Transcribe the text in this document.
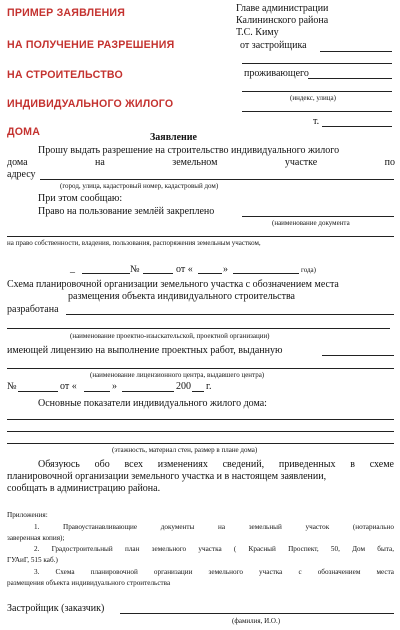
ПРИМЕР ЗАЯВЛЕНИЯ
НА ПОЛУЧЕНИЕ РАЗРЕШЕНИЯ
НА СТРОИТЕЛЬСТВО
ИНДИВИДУАЛЬНОГО ЖИЛОГО
ДОМА
Главе администрации
Калининского района
Т.С. Киму
от застройщика
проживающего
(индекс, улица)
т.
Заявление
Прошу выдать разрешение на строительство индивидуального жилого
дома	на	земельном	участке	по
адресу
(город, улица, кадастровый номер, кадастровый дом)
При этом сообщаю:
Право на пользование землёй закреплено
(наименование документа
на право собственности, владения, пользования, распоряжения земельным участком,
_	№	от «	»	года)
Схема планировочной организации земельного участка с обозначением места
размещения объекта индивидуального строительства
разработана
(наименование проектно-изыскательской, проектной организации)
имеющей лицензию на выполнение проектных работ, выданную
(наименование лицензионного центра, выдавшего центра)
№	от «	»	200 г.
Основные показатели индивидуального жилого дома:
(этажность, материал стен, размер в плане дома)
Обязуюсь обо всех изменениях сведений, приведенных в схеме
планировочной организации земельного участка и в настоящем заявлении,
сообщать в администрацию района.
Приложения:
1. Правоустанавливающие документы на земельный участок (нотариально
заверенная копия);
2. Градостроительный план земельного участка ( Красный Проспект, 50, Дом быта,
ГУАиГ, 515 каб.)
3. Схема планировочной организации земельного участка с обозначением места
размещения объекта индивидуального строительства
Застройщик (заказчик)
(фамилия, И.О.)
